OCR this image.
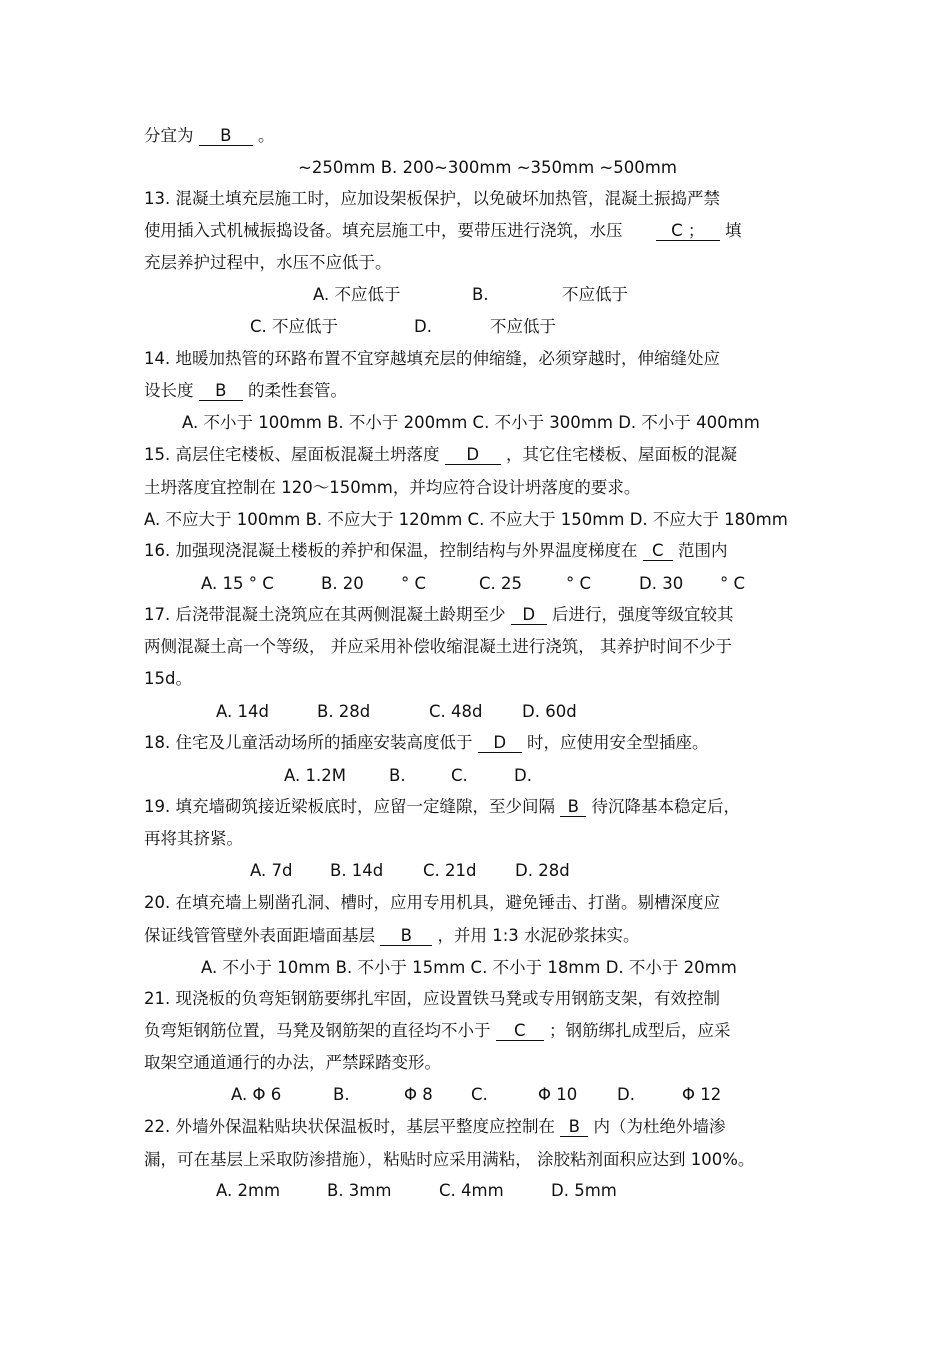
分宜为 B 。
~250mm B. 200~300mm ~350mm ~500mm
13. 混凝土填充层施工时，应加设架板保护，以免破坏加热管，混凝土振捣严禁
使用插入式机械振捣设备。填充层施工中，要带压进行浇筑，水压	C ； 填
充层养护过程中，水压不应低于。
A. 不应低于	B.	不应低于
C. 不应低于	D.	不应低于
14. 地暖加热管的环路布置不宜穿越填充层的伸缩缝，必须穿越时，伸缩缝处应
设长度 B 的柔性套管。
A. 不小于 100mm B. 不小于 200mm C. 不小于 300mm D. 不小于 400mm
15. 高层住宅楼板、屋面板混凝土坍落度 D ，其它住宅楼板、屋面板的混凝
土坍落度宜控制在 120～150mm，并均应符合设计坍落度的要求。
A. 不应大于 100mm B. 不应大于 120mm C. 不应大于 150mm D. 不应大于 180mm
16. 加强现浇混凝土楼板的养护和保温，控制结构与外界温度梯度在 C 范围内
A. 15 ° C	B. 20 ° C	C. 25	° C	D. 30 ° C
17. 后浇带混凝土浇筑应在其两侧混凝土龄期至少 D 后进行，强度等级宜较其
两侧混凝土高一个等级， 并应采用补偿收缩混凝土进行浇筑， 其养护时间不少于
15d。
A. 14d	B. 28d	C. 48d D. 60d
18. 住宅及儿童活动场所的插座安装高度低于 D 时，应使用安全型插座。
A. 1.2M	B.	C.	D.
19. 填充墙砌筑接近梁板底时，应留一定缝隙，至少间隔 B 待沉降基本稳定后，
再将其挤紧。
A. 7d B. 14d C. 21d D. 28d
20. 在填充墙上剔凿孔洞、槽时，应用专用机具，避免锤击、打凿。剔槽深度应
保证线管管壁外表面距墙面基层 B ，并用 1:3 水泥砂浆抹实。
A. 不小于 10mm B. 不小于 15mm C. 不小于 18mm D. 不小于 20mm
21. 现浇板的负弯矩钢筋要绑扎牢固，应设置铁马凳或专用钢筋支架，有效控制
负弯矩钢筋位置，马凳及钢筋架的直径均不小于 C ；钢筋绑扎成型后，应采
取架空通道通行的办法，严禁踩踏变形。
A. Φ 6	B.	Φ 8 C.	Φ 10 D.	Φ 12
22. 外墙外保温粘贴块状保温板时，基层平整度应控制在 B 内（为杜绝外墙渗
漏，可在基层上采取防渗措施），粘贴时应采用满粘， 涂胶粘剂面积应达到 100%。
A. 2mm	B. 3mm	C. 4mm	D. 5mm
